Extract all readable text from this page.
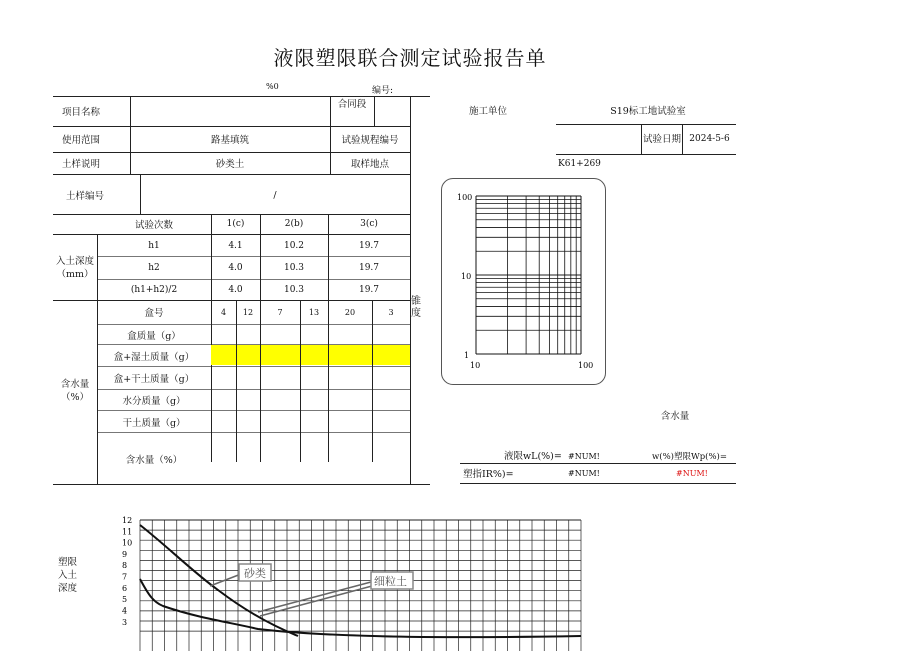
液限塑限联合测定试验报告单
%0	编号:
项目名称
合同段
使用范围	路基填筑	试验规程编号
土样说明	砂类土	取样地点
土样编号	/
试验次数	1(c)	2(b)	3(c)
入土深度（mm）
h1	4.1	10.2	19.7
h2	4.0	10.3	19.7
(h1+h2)/2	4.0	10.3	19.7
盒号	4	12	7	13	20	3
锥度
含水量（%）
盒质量（g）
盒+湿土质量（g）
盒+干土质量（g）
水分质量（g）
干土质量（g）
含水量（%）
施工单位	S19标工地试验室
试验日期 2024-5-6
K61+269
100
10
1
10	100
含水量
液限wL(%)= #NUM!	w(%)塑限Wp(%)=
塑指IR%)=	#NUM!	#NUM!
塑限入土深度
12
11
10
9
8
7
6
5
4
3
砂类
细粒土
